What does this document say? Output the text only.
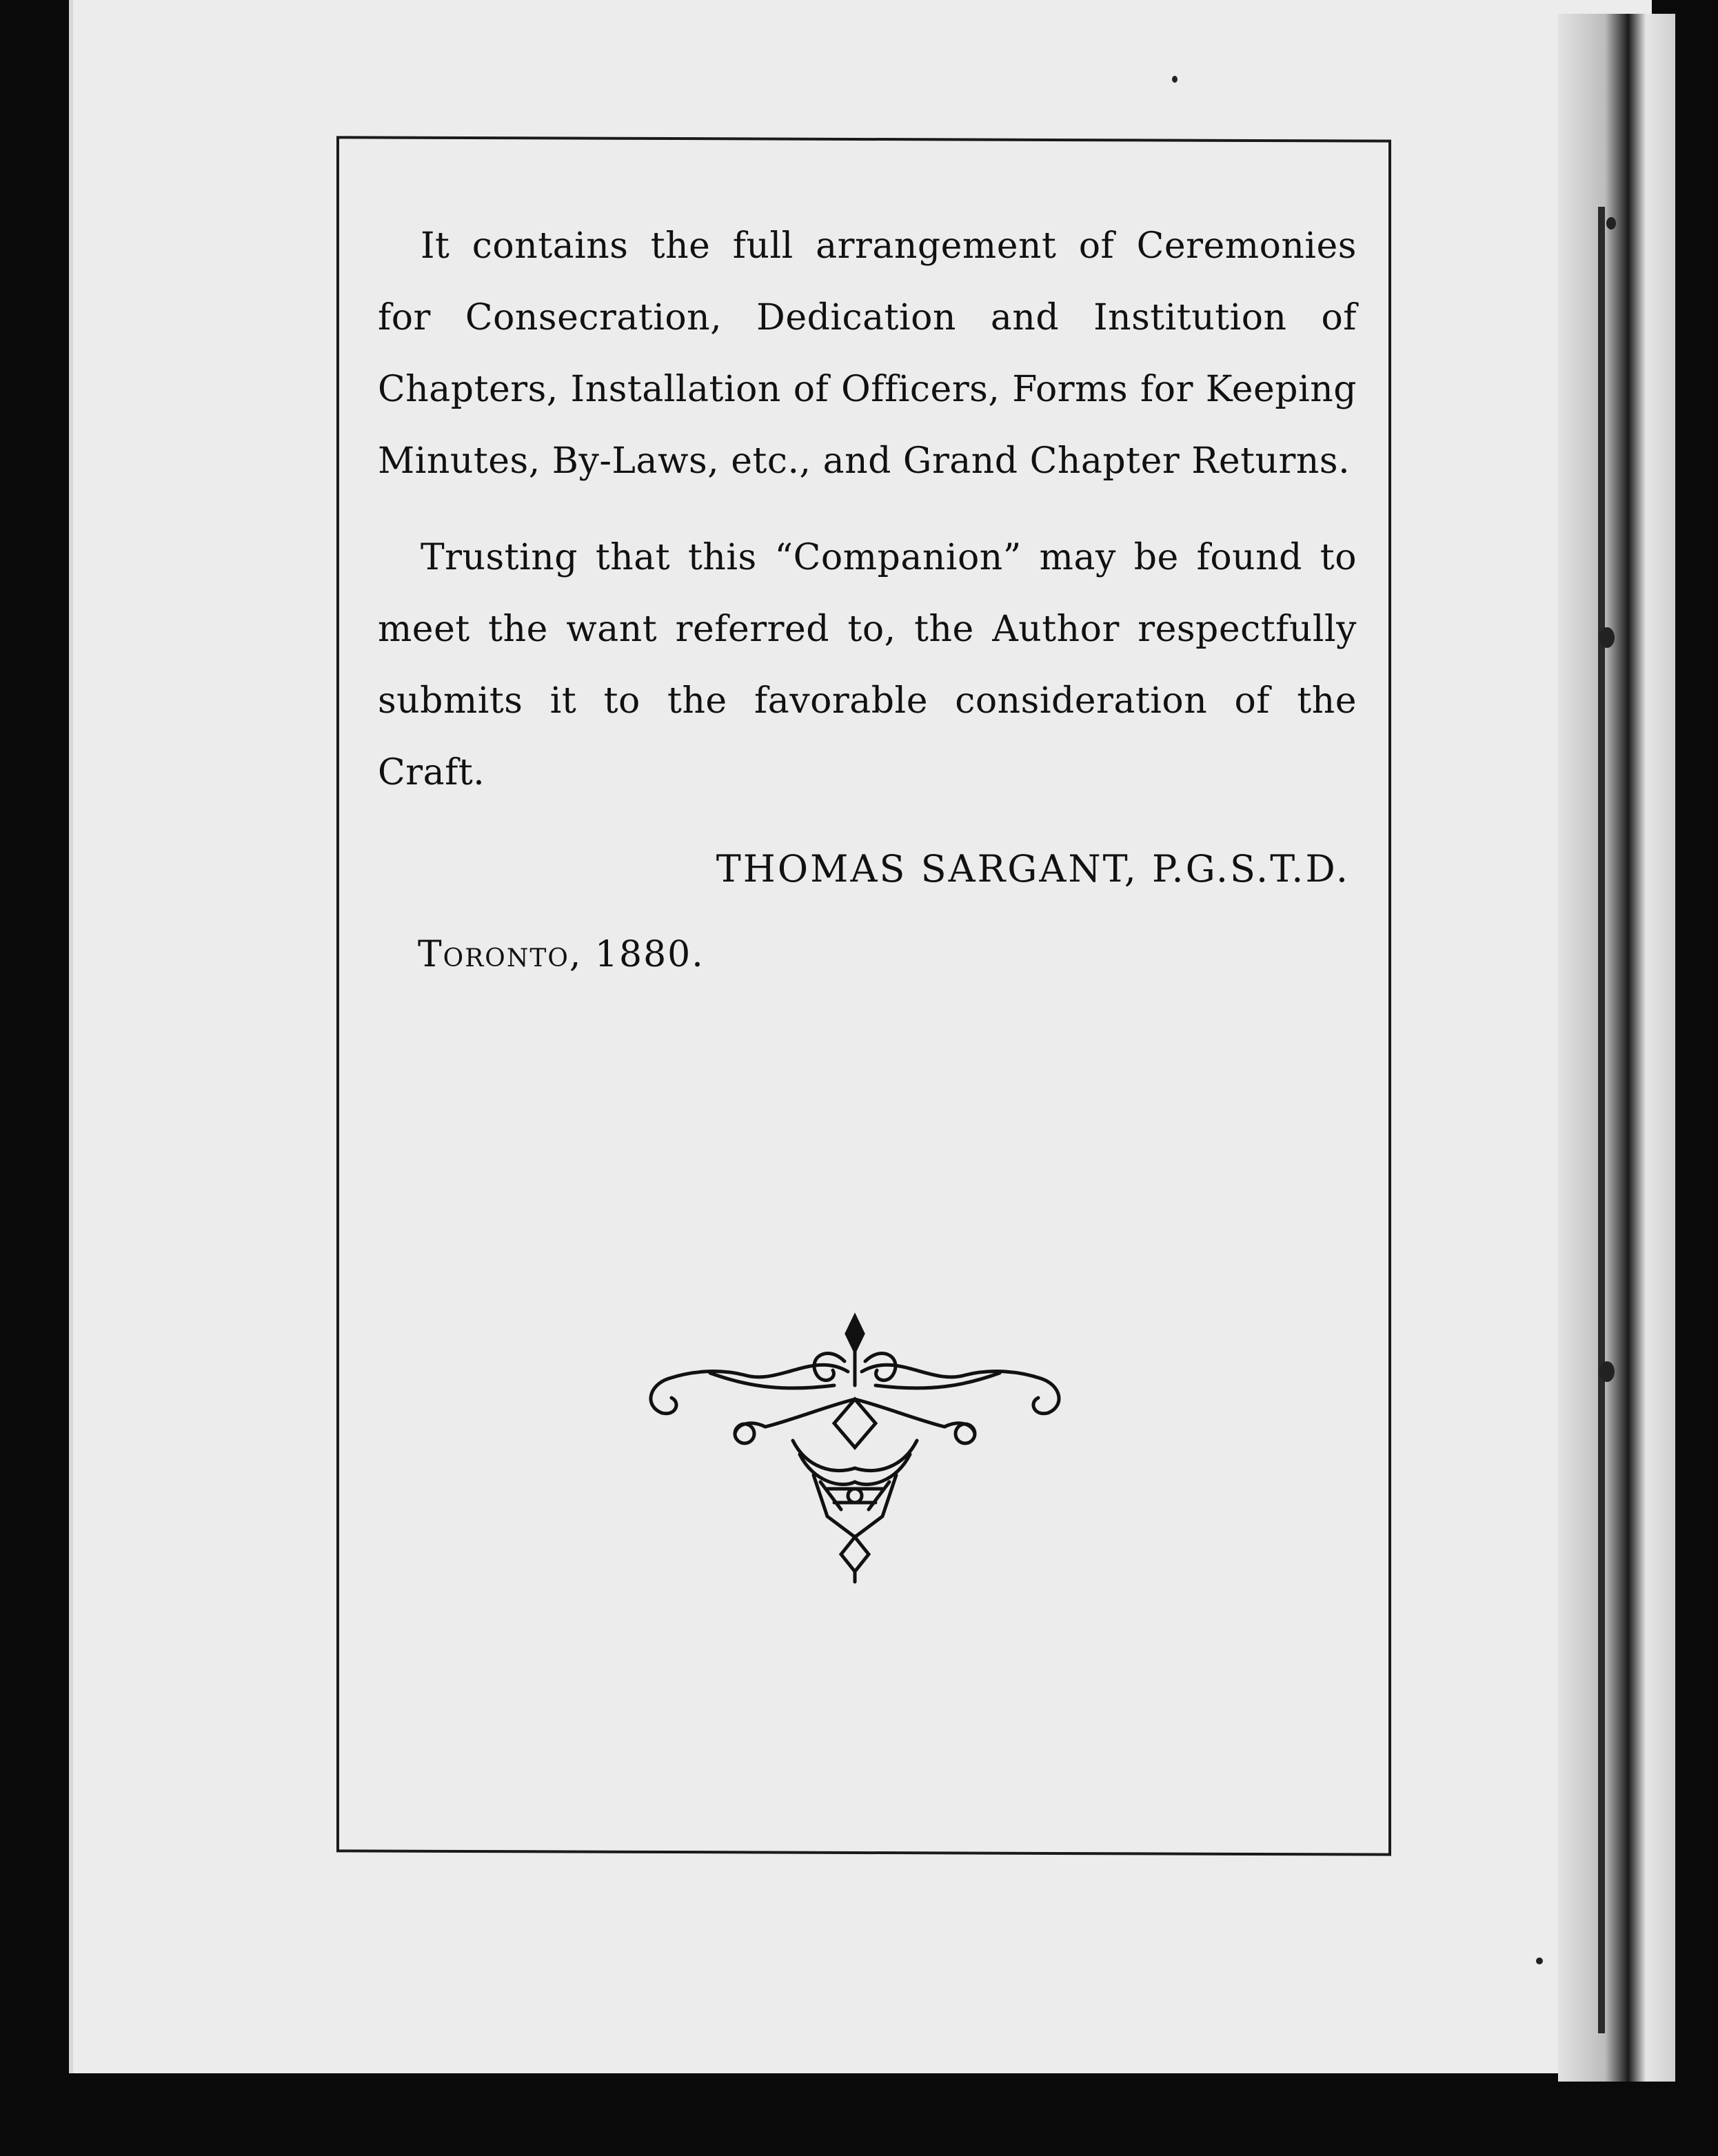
It contains the full arrangement of Ceremonies for Consecration, Dedication and Institution of Chapters, Installation of Officers, Forms for Keeping Minutes, By-Laws, etc., and Grand Chapter Returns.

Trusting that this “Companion” may be found to meet the want referred to, the Author respectfully submits it to the favorable consideration of the Craft.

THOMAS SARGANT, P.G.S.T.D.
Toronto, 1880.
